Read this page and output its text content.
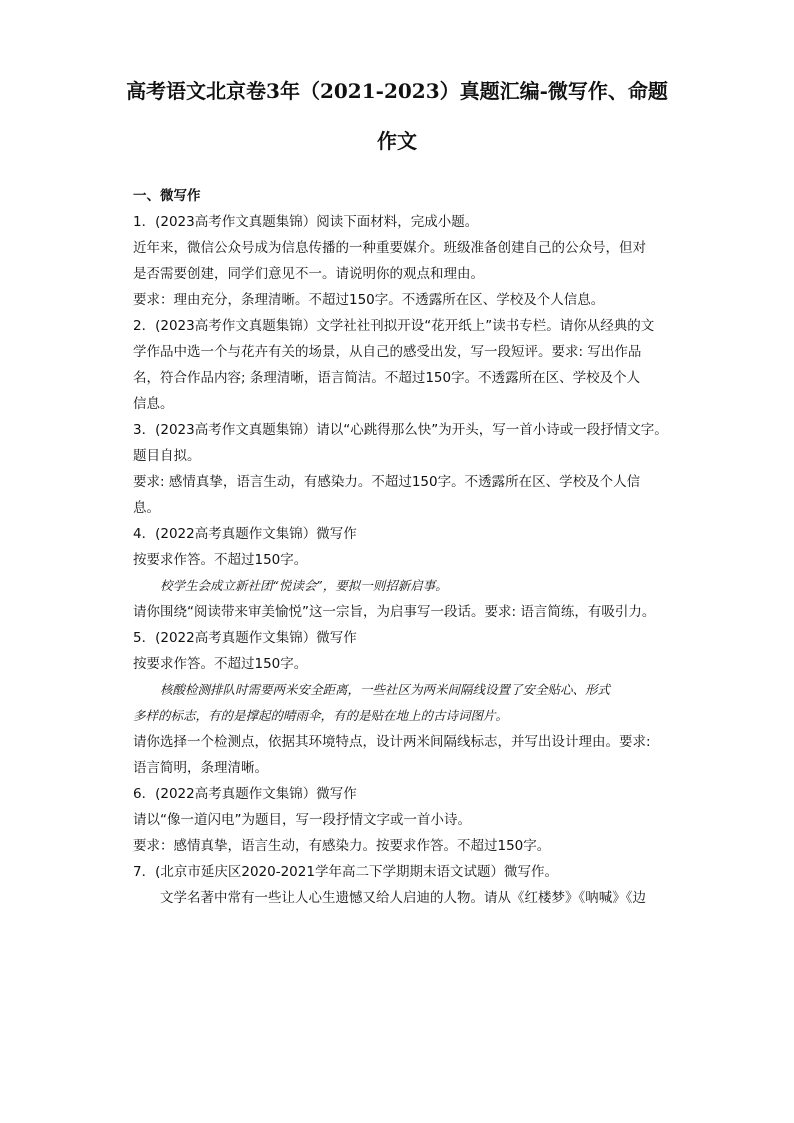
高考语文北京卷3年（2021-2023）真题汇编-微写作、命题
作文
一、微写作
1．(2023高考作文真题集锦）阅读下面材料，完成小题。
近年来，微信公众号成为信息传播的一种重要媒介。班级准备创建自己的公众号，但对
是否需要创建，同学们意见不一。请说明你的观点和理由。
要求：理由充分，条理清晰。不超过150字。不透露所在区、学校及个人信息。
2．(2023高考作文真题集锦）文学社社刊拟开设“花开纸上”读书专栏。请你从经典的文
学作品中选一个与花卉有关的场景，从自己的感受出发，写一段短评。要求: 写出作品
名，符合作品内容; 条理清晰，语言简洁。不超过150字。不透露所在区、学校及个人
信息。
3．(2023高考作文真题集锦）请以“心跳得那么快”为开头，写一首小诗或一段抒情文字。
题目自拟。
要求: 感情真挚，语言生动，有感染力。不超过150字。不透露所在区、学校及个人信
息。
4．(2022高考真题作文集锦）微写作
按要求作答。不超过150字。
校学生会成立新社团“悦读会”，要拟一则招新启事。
请你围绕“阅读带来审美愉悦”这一宗旨，为启事写一段话。要求: 语言简练，有吸引力。
5．(2022高考真题作文集锦）微写作
按要求作答。不超过150字。
核酸检测排队时需要两米安全距离，一些社区为两米间隔线设置了安全贴心、形式
多样的标志，有的是撑起的晴雨伞，有的是贴在地上的古诗词图片。
请你选择一个检测点，依据其环境特点，设计两米间隔线标志，并写出设计理由。要求:
语言简明，条理清晰。
6．(2022高考真题作文集锦）微写作
请以“像一道闪电”为题目，写一段抒情文字或一首小诗。
要求：感情真挚，语言生动，有感染力。按要求作答。不超过150字。
7．(北京市延庆区2020-2021学年高二下学期期末语文试题）微写作。
文学名著中常有一些让人心生遗憾又给人启迪的人物。请从《红楼梦》《呐喊》《边
